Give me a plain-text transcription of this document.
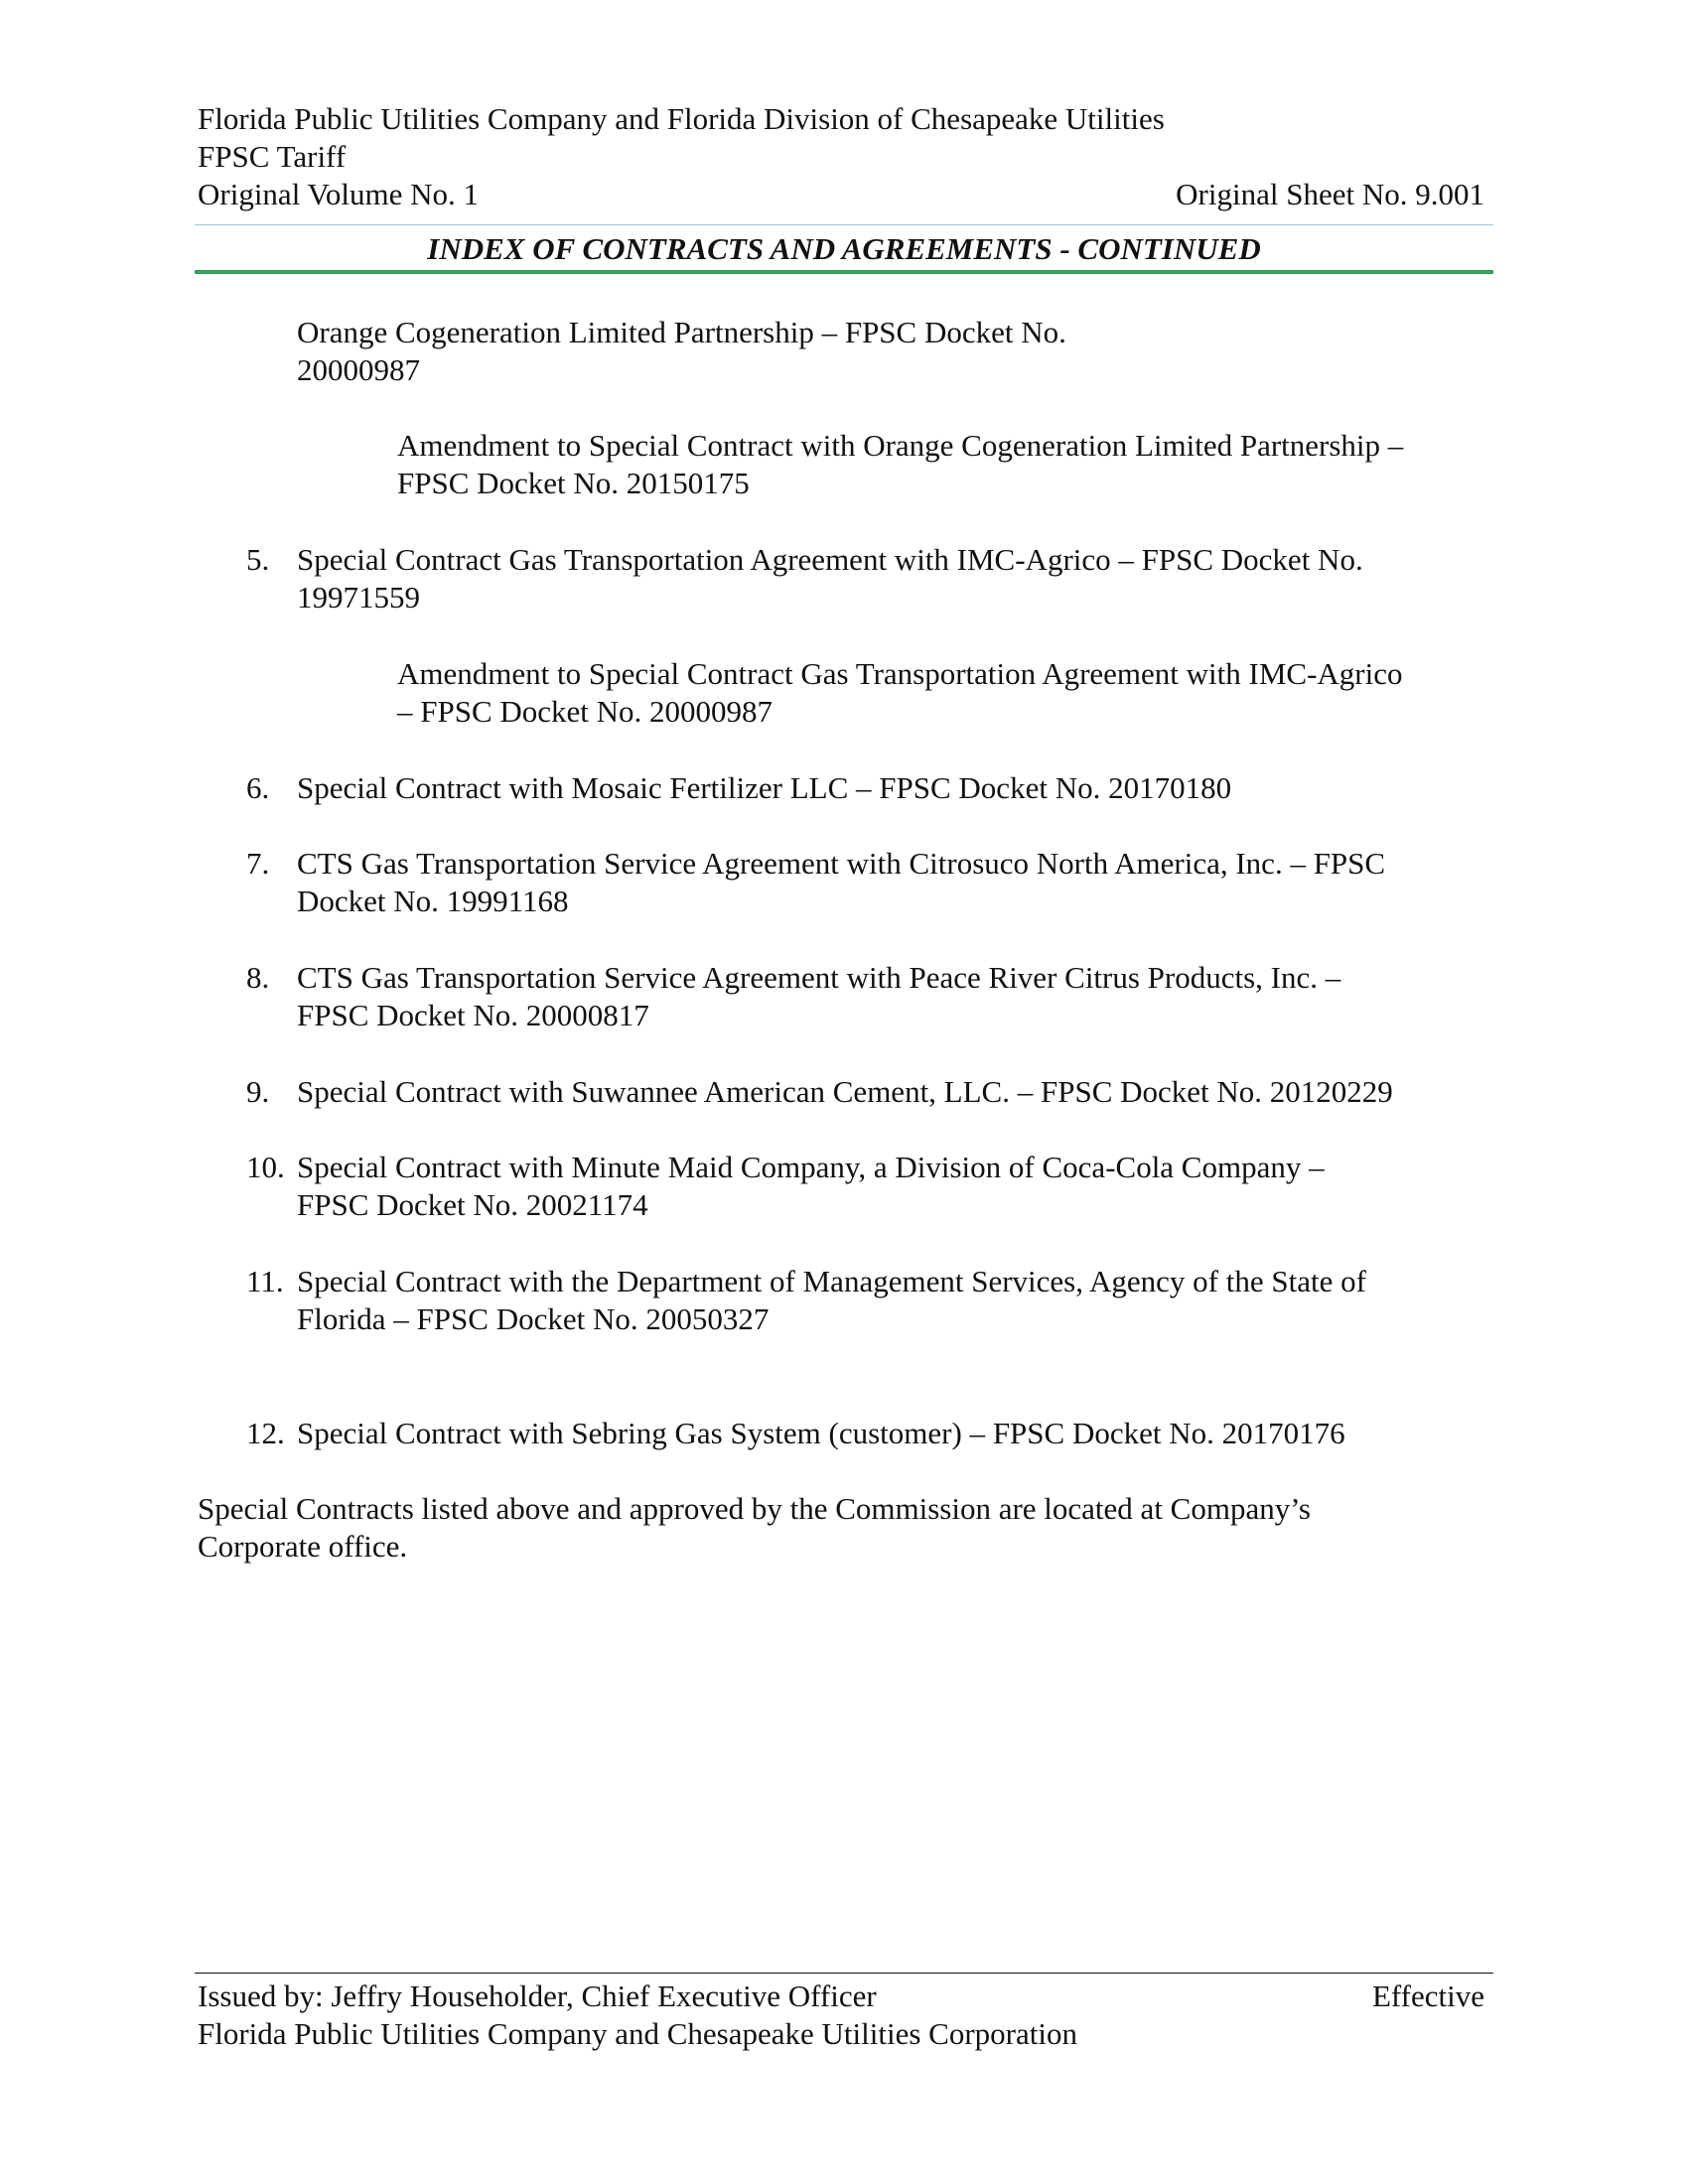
Florida Public Utilities Company and Florida Division of Chesapeake Utilities
FPSC Tariff
Original Volume No. 1	Original Sheet No. 9.001
INDEX OF CONTRACTS AND AGREEMENTS - CONTINUED
Orange Cogeneration Limited Partnership – FPSC Docket No.
20000987
Amendment to Special Contract with Orange Cogeneration Limited Partnership –
FPSC Docket No. 20150175
5. Special Contract Gas Transportation Agreement with IMC-Agrico – FPSC Docket No.
19971559
Amendment to Special Contract Gas Transportation Agreement with IMC-Agrico
– FPSC Docket No. 20000987
6. Special Contract with Mosaic Fertilizer LLC – FPSC Docket No. 20170180
7. CTS Gas Transportation Service Agreement with Citrosuco North America, Inc. – FPSC
Docket No. 19991168
8. CTS Gas Transportation Service Agreement with Peace River Citrus Products, Inc. –
FPSC Docket No. 20000817
9. Special Contract with Suwannee American Cement, LLC. – FPSC Docket No. 20120229
10. Special Contract with Minute Maid Company, a Division of Coca-Cola Company –
FPSC Docket No. 20021174
11. Special Contract with the Department of Management Services, Agency of the State of
Florida – FPSC Docket No. 20050327
12. Special Contract with Sebring Gas System (customer) – FPSC Docket No. 20170176
Special Contracts listed above and approved by the Commission are located at Company’s
Corporate office.
Issued by: Jeffry Householder, Chief Executive Officer	Effective
Florida Public Utilities Company and Chesapeake Utilities Corporation
